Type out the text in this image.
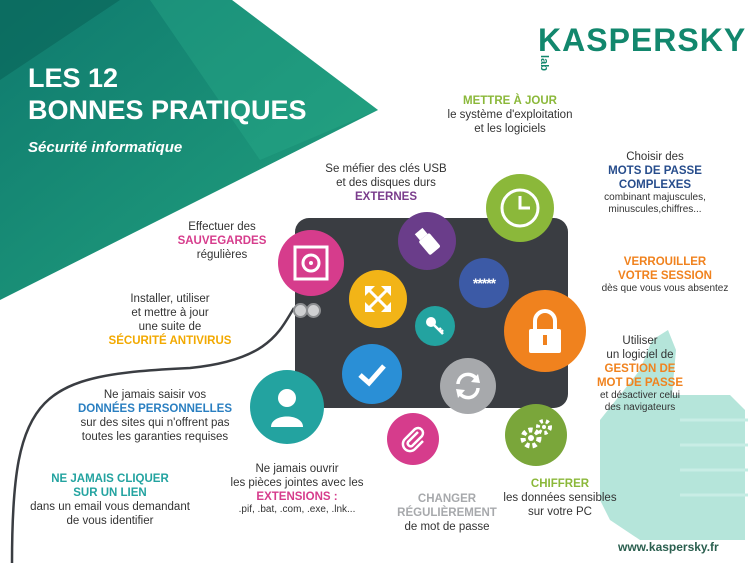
KASPERSKY lab
LES 12
BONNES PRATIQUES
Sécurité informatique
*****
METTRE À JOUR
le système d'exploitation
et les logiciels
Choisir des
MOTS DE PASSE
COMPLEXES
combinant majuscules,
minuscules,chiffres...
Se méfier des clés USB
et des disques durs
EXTERNES
Effectuer des
SAUVEGARDES
régulières
VERROUILLER
VOTRE SESSION
dès que vous vous absentez
Installer, utiliser
et mettre à jour
une suite de
SÉCURITÉ ANTIVIRUS	Utiliser
un logiciel de
GESTION DE
MOT DE PASSE
et désactiver celui
des navigateurs
Ne jamais saisir vos
DONNÉES PERSONNELLES
sur des sites qui n'offrent pas
toutes les garanties requises
NE JAMAIS CLIQUER
SUR UN LIEN
dans un email vous demandant
de vous identifier
Ne jamais ouvrir
les pièces jointes avec les
EXTENSIONS :
.pif, .bat, .com, .exe, .lnk...
CHANGER
RÉGULIÈREMENT
de mot de passe
CHIFFRER
les données sensibles
sur votre PC
www.kaspersky.fr
